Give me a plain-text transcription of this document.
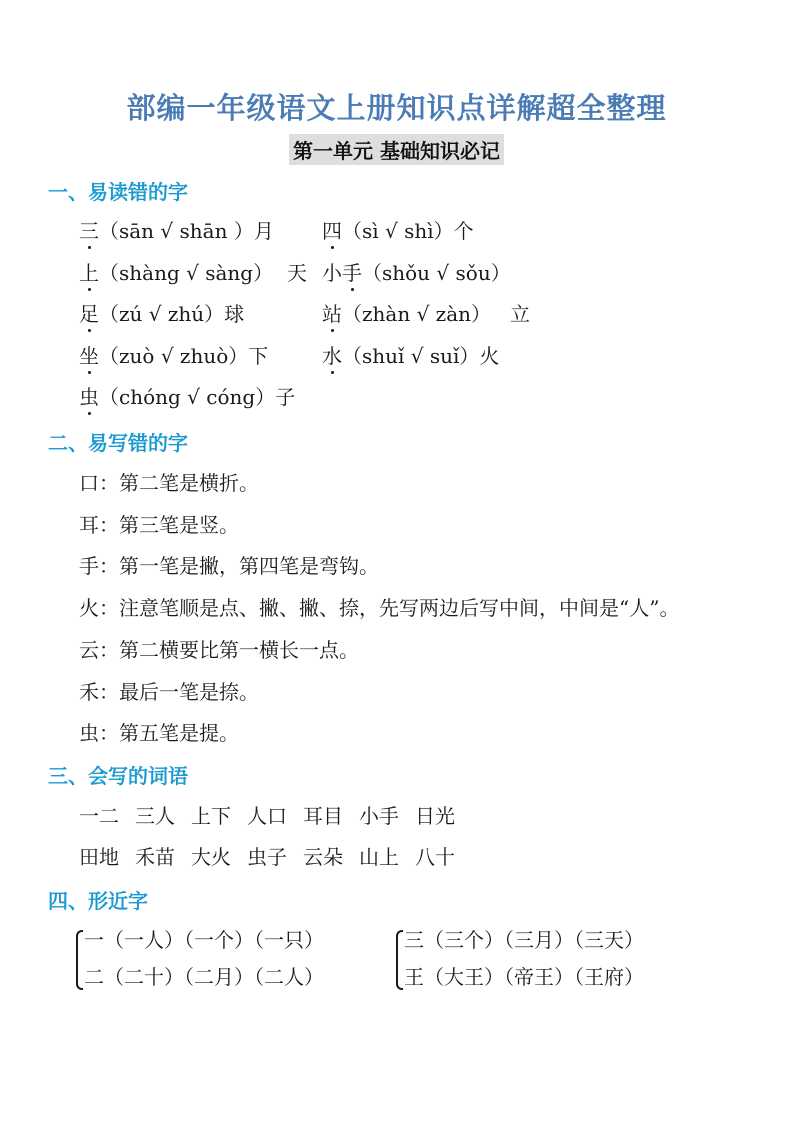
部编一年级语文上册知识点详解超全整理
第一单元 基础知识必记
一、易读错的字
三（sān √ shān ）月 四（sì √ shì）个
上（shàng √ sàng） 天 小手（shǒu √ sǒu）
足（zú √ zhú）球	站（zhàn √ zàn） 立
坐（zuò √ zhuò）下	水（shuǐ √ suǐ）火
虫（chóng √ cóng）子
二、易写错的字
口：第二笔是横折。
耳：第三笔是竖。
手：第一笔是撇，第四笔是弯钩。
火：注意笔顺是点、撇、撇、捺，先写两边后写中间，中间是“人”。
云：第二横要比第一横长一点。
禾：最后一笔是捺。
虫：第五笔是提。
三、会写的词语
一二 三人 上下 人口 耳目 小手 日光
田地 禾苗 大火 虫子 云朵 山上 八十
四、形近字
一（一人）（一个）（一只）
二（二十）（二月）（二人）
三（三个）（三月）（三天）
王（大王）（帝王）（王府）
